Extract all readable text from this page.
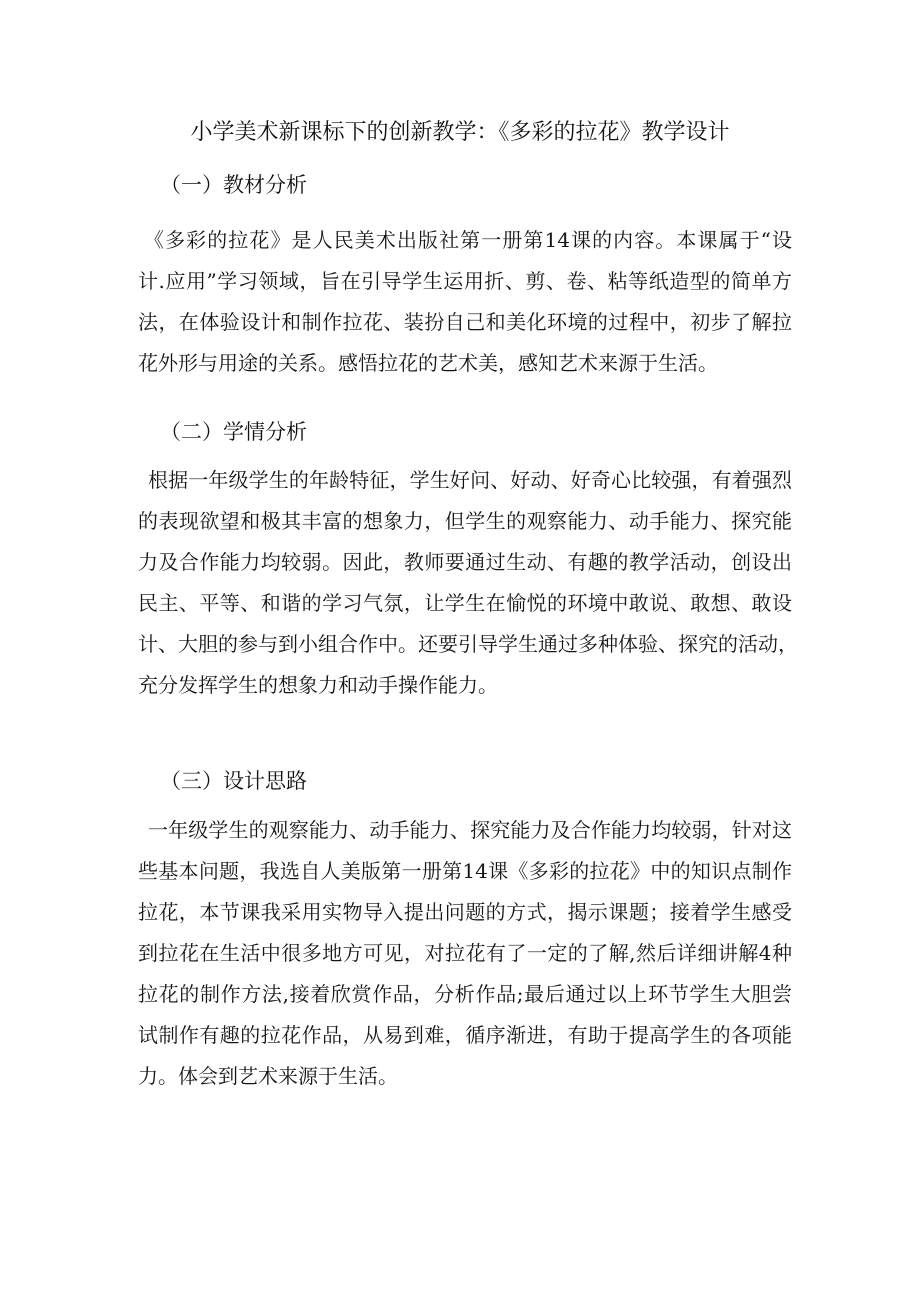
小学美术新课标下的创新教学：《多彩的拉花》教学设计
（一）教材分析
《多彩的拉花》是人民美术出版社第一册第14课的内容。本课属于“设
计.应用”学习领域，旨在引导学生运用折、剪、卷、粘等纸造型的简单方
法，在体验设计和制作拉花、装扮自己和美化环境的过程中，初步了解拉
花外形与用途的关系。感悟拉花的艺术美，感知艺术来源于生活。
（二）学情分析
根据一年级学生的年龄特征，学生好问、好动、好奇心比较强，有着强烈
的表现欲望和极其丰富的想象力，但学生的观察能力、动手能力、探究能
力及合作能力均较弱。因此，教师要通过生动、有趣的教学活动，创设出
民主、平等、和谐的学习气氛，让学生在愉悦的环境中敢说、敢想、敢设
计、大胆的参与到小组合作中。还要引导学生通过多种体验、探究的活动，
充分发挥学生的想象力和动手操作能力。
（三）设计思路
一年级学生的观察能力、动手能力、探究能力及合作能力均较弱，针对这
些基本问题，我选自人美版第一册第14课《多彩的拉花》中的知识点制作
拉花，本节课我采用实物导入提出问题的方式，揭示课题；接着学生感受
到拉花在生活中很多地方可见，对拉花有了一定的了解,然后详细讲解4种
拉花的制作方法,接着欣赏作品，分析作品;最后通过以上环节学生大胆尝
试制作有趣的拉花作品，从易到难，循序渐进，有助于提高学生的各项能
力。体会到艺术来源于生活。
